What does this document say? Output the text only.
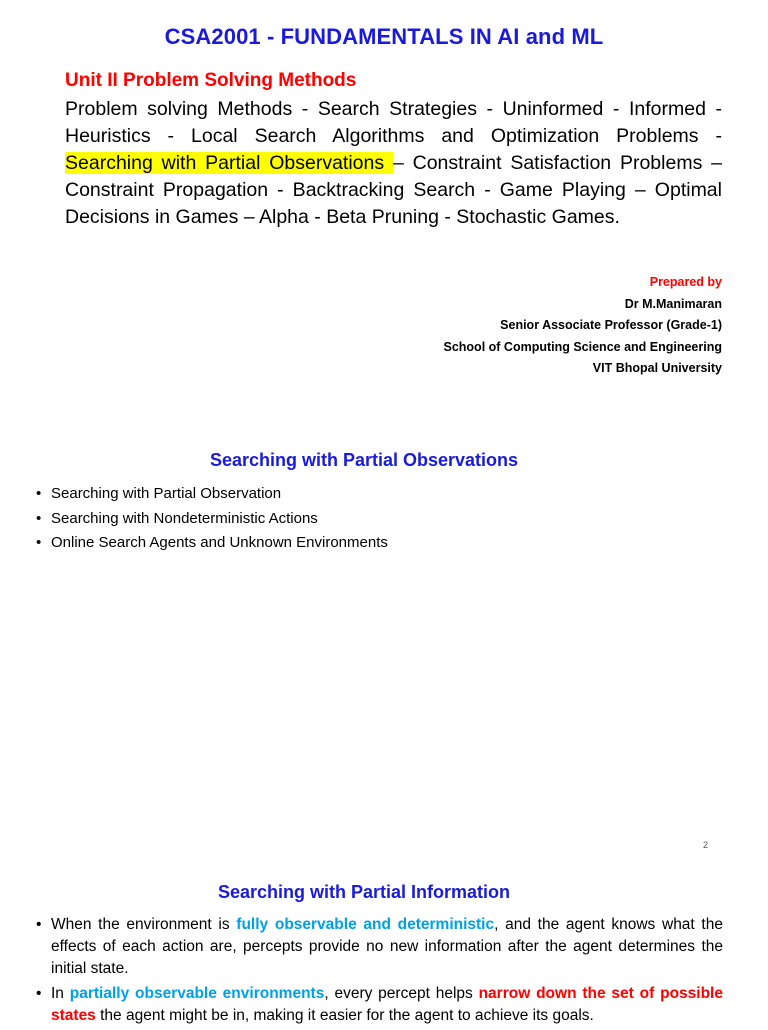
CSA2001 - FUNDAMENTALS IN AI and ML
Unit II Problem Solving Methods
Problem solving Methods - Search Strategies - Uninformed - Informed - Heuristics - Local Search Algorithms and Optimization Problems - Searching with Partial Observations – Constraint Satisfaction Problems – Constraint Propagation - Backtracking Search - Game Playing – Optimal Decisions in Games – Alpha - Beta Pruning - Stochastic Games.
Prepared by
Dr M.Manimaran
Senior Associate Professor (Grade-1)
School of Computing Science and Engineering
VIT Bhopal University
Searching with Partial Observations
• Searching with Partial Observation
• Searching with Nondeterministic Actions
• Online Search Agents and Unknown Environments
2
Searching with Partial Information
• When the environment is fully observable and deterministic, and the agent knows what the effects of each action are, percepts provide no new information after the agent determines the initial state.
• In partially observable environments, every percept helps narrow down the set of possible states the agent might be in, making it easier for the agent to achieve its goals.
